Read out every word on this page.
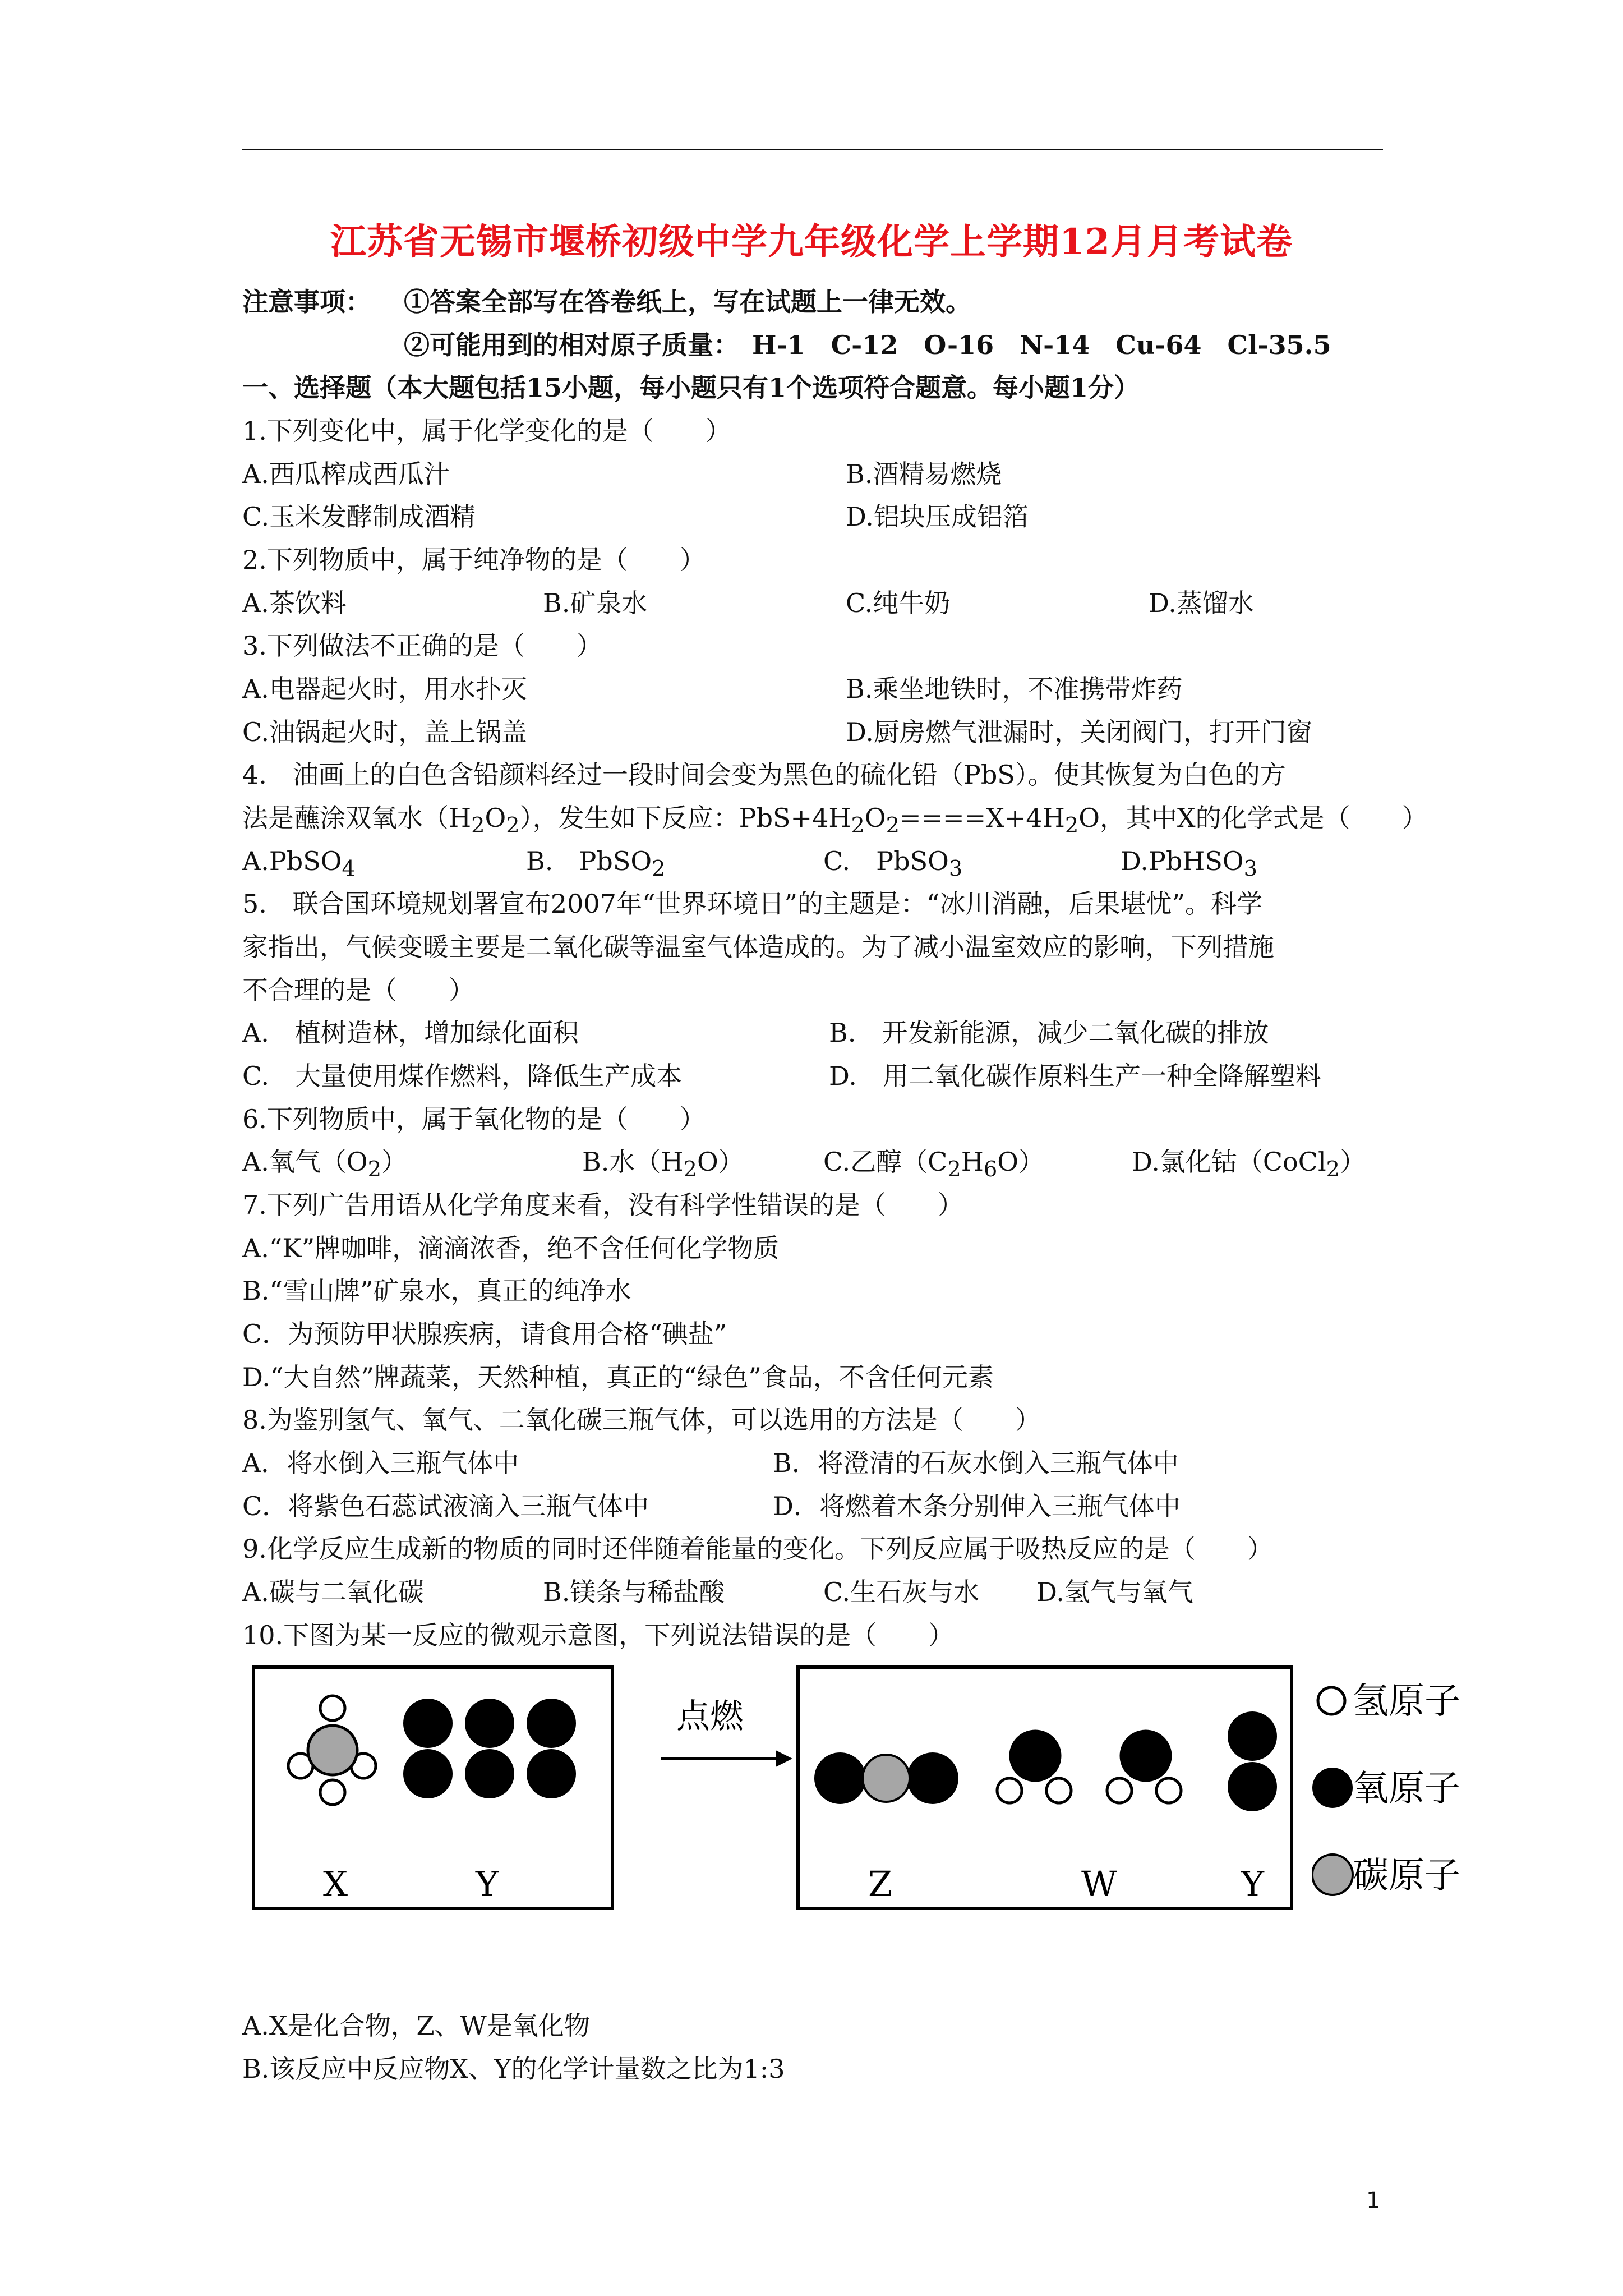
江苏省无锡市堰桥初级中学九年级化学上学期12月月考试卷
注意事项： ①答案全部写在答卷纸上，写在试题上一律无效。
②可能用到的相对原子质量：　H-1　C-12　O-16　N-14　Cu-64　Cl-35.5
一、选择题（本大题包括15小题，每小题只有1个选项符合题意。每小题1分）
1.下列变化中，属于化学变化的是（　　）
A.西瓜榨成西瓜汁	B.酒精易燃烧
C.玉米发酵制成酒精	D.铝块压成铝箔
2.下列物质中，属于纯净物的是（　　）
A.茶饮料	B.矿泉水	C.纯牛奶	D.蒸馏水
3.下列做法不正确的是（　　）
A.电器起火时，用水扑灭	B.乘坐地铁时，不准携带炸药
C.油锅起火时，盖上锅盖	D.厨房燃气泄漏时，关闭阀门，打开门窗
4.　油画上的白色含铅颜料经过一段时间会变为黑色的硫化铅（PbS）。使其恢复为白色的方
法是蘸涂双氧水$(H_2O_2)$，发生如下反应：$PbS+4H_2O_2====X+4H_2O$，其中X的化学式是（　　）
A.PbSO$_4$	B.　PbSO$_2$	C.　PbSO$_3$	D.PbHSO$_3$
5.　联合国环境规划署宣布2007年“世界环境日”的主题是：“冰川消融，后果堪忧”。科学
家指出，气候变暖主要是二氧化碳等温室气体造成的。为了减小温室效应的影响，下列措施
不合理的是（　　）
A.　植树造林，增加绿化面积	B.　开发新能源，减少二氧化碳的排放
C.　大量使用煤作燃料，降低生产成本	D.　用二氧化碳作原料生产一种全降解塑料
6.下列物质中，属于氧化物的是（　　）
A.氧气$(O_2)$	B.水$(H_2O)$	C.乙醇$(C_2H_6O)$	D.氯化钴（CoCl$_2$）
7.下列广告用语从化学角度来看，没有科学性错误的是（　　）
A.“K”牌咖啡，滴滴浓香，绝不含任何化学物质
B.“雪山牌”矿泉水，真正的纯净水
C．为预防甲状腺疾病，请食用合格“碘盐”
D.“大自然”牌蔬菜，天然种植，真正的“绿色”食品，不含任何元素
8.为鉴别氢气、氧气、二氧化碳三瓶气体，可以选用的方法是（　　）
A．将水倒入三瓶气体中	B．将澄清的石灰水倒入三瓶气体中
C．将紫色石蕊试液滴入三瓶气体中	D．将燃着木条分别伸入三瓶气体中
9.化学反应生成新的物质的同时还伴随着能量的变化。下列反应属于吸热反应的是（　　）
A.碳与二氧化碳	B.镁条与稀盐酸	C.生石灰与水 D.氢气与氧气
10.下图为某一反应的微观示意图，下列说法错误的是（　　）
X	Y
点燃
Z	W	Y
氢原子
氧原子
碳原子
A.X是化合物，Z、W是氧化物
B.该反应中反应物X、Y的化学计量数之比为1:3
1
